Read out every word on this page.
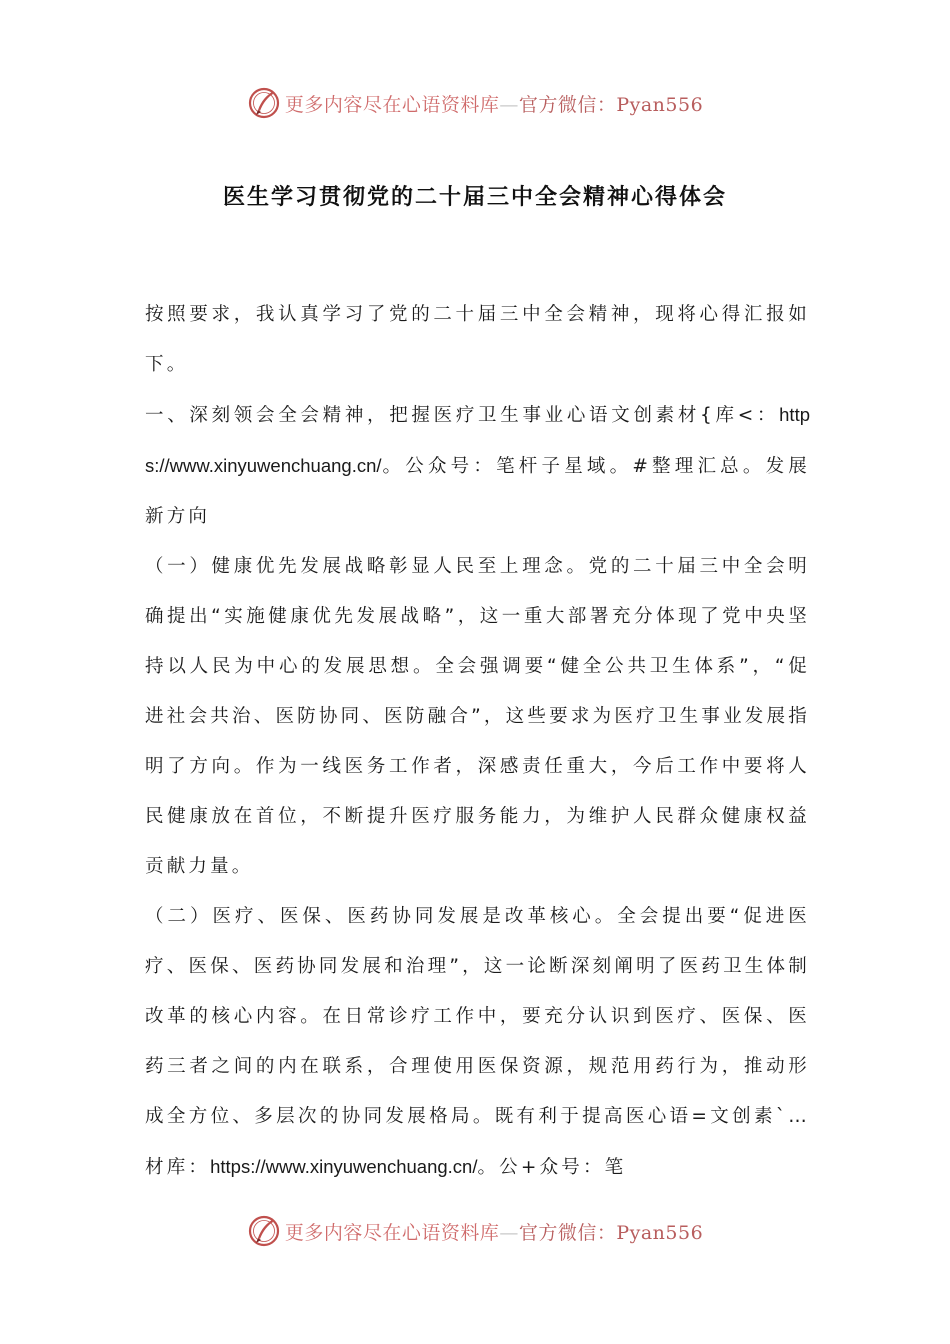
更多内容尽在心语资料库—官方微信：Pyan556
医生学习贯彻党的二十届三中全会精神心得体会

按照要求，我认真学习了党的二十届三中全会精神，现将心得汇报如下。

一、深刻领会全会精神，把握医疗卫生事业心语文创素材{库<：https://www.xinyuwenchuang.cn/。公众号：笔杆子星域。#整理汇总。发展新方向

（一）健康优先发展战略彰显人民至上理念。党的二十届三中全会明确提出“实施健康优先发展战略”，这一重大部署充分体现了党中央坚持以人民为中心的发展思想。全会强调要“健全公共卫生体系”，“促进社会共治、医防协同、医防融合”，这些要求为医疗卫生事业发展指明了方向。作为一线医务工作者，深感责任重大，今后工作中要将人民健康放在首位，不断提升医疗服务能力，为维护人民群众健康权益贡献力量。

（二）医疗、医保、医药协同发展是改革核心。全会提出要“促进医疗、医保、医药协同发展和治理”，这一论断深刻阐明了医药卫生体制改革的核心内容。在日常诊疗工作中，要充分认识到医疗、医保、医药三者之间的内在联系，合理使用医保资源，规范用药行为，推动形成全方位、多层次的协同发展格局。既有利于提高医心语=文创素`…材库：https://www.xinyuwenchuang.cn/。公+众号：笔

更多内容尽在心语资料库—官方微信：Pyan556
